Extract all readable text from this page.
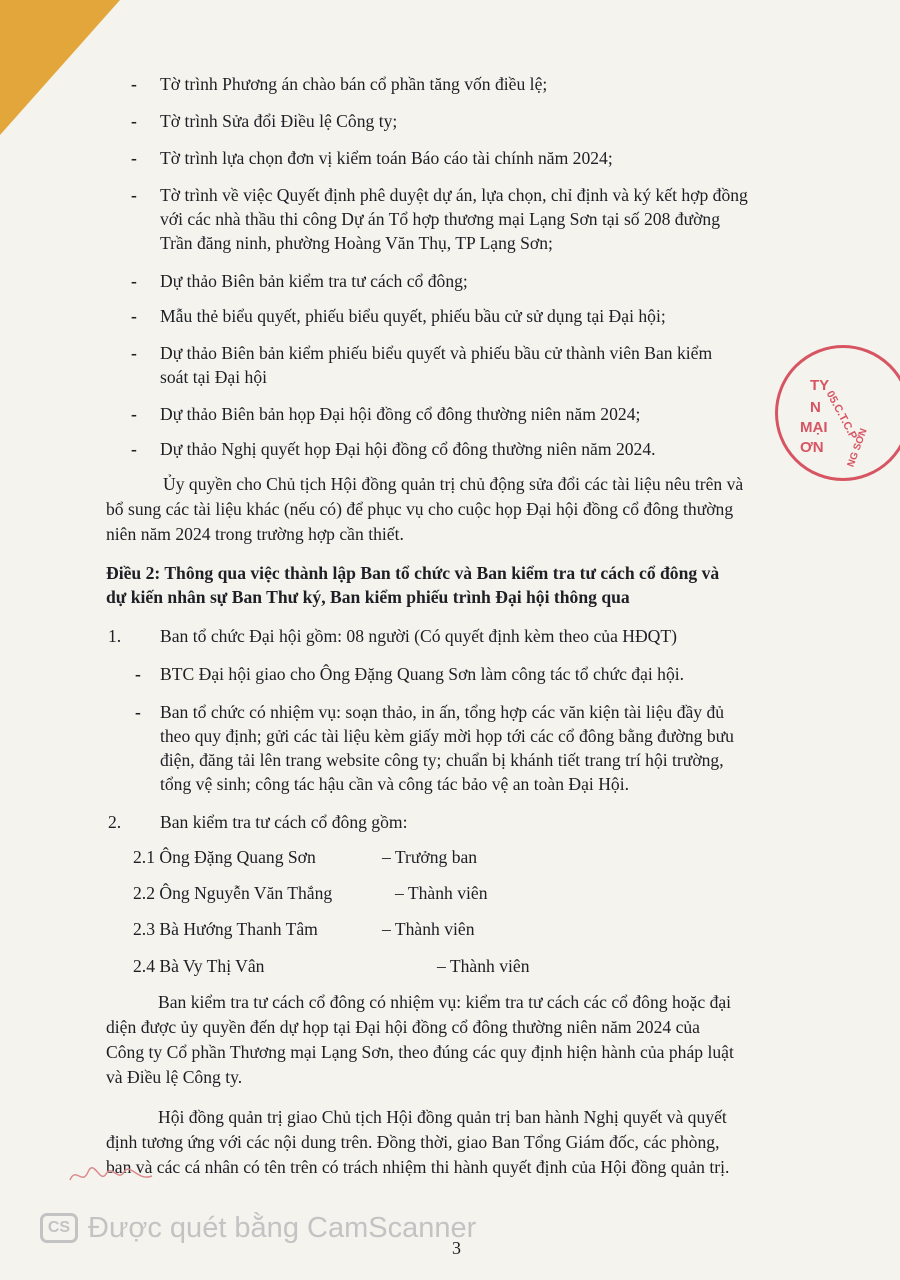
-
-
-
-
-
-
-
-
-
-
-
Tờ trình Phương án chào bán cổ phần tăng vốn điều lệ;
Tờ trình Sửa đổi Điều lệ Công ty;
Tờ trình lựa chọn đơn vị kiểm toán Báo cáo tài chính năm 2024;
Tờ trình về việc Quyết định phê duyệt dự án, lựa chọn, chỉ định và ký kết hợp đồng
với các nhà thầu thi công Dự án Tổ hợp thương mại Lạng Sơn tại số 208 đường
Trần đăng ninh, phường Hoàng Văn Thụ, TP Lạng Sơn;
Dự thảo Biên bản kiểm tra tư cách cổ đông;
Mẫu thẻ biểu quyết, phiếu biểu quyết, phiếu bầu cử sử dụng tại Đại hội;
Dự thảo Biên bản kiểm phiếu biểu quyết và phiếu bầu cử thành viên Ban kiểm
soát tại Đại hội
Dự thảo Biên bản họp Đại hội đồng cổ đông thường niên năm 2024;
Dự thảo Nghị quyết họp Đại hội đồng cổ đông thường niên năm 2024.
Ủy quyền cho Chủ tịch Hội đồng quản trị chủ động sửa đổi các tài liệu nêu trên và
bổ sung các tài liệu khác (nếu có) để phục vụ cho cuộc họp Đại hội đồng cổ đông thường
niên năm 2024 trong trường hợp cần thiết.
Điều 2: Thông qua việc thành lập Ban tổ chức và Ban kiểm tra tư cách cổ đông và
dự kiến nhân sự Ban Thư ký, Ban kiểm phiếu trình Đại hội thông qua
1. Ban tổ chức Đại hội gồm: 08 người (Có quyết định kèm theo của HĐQT)
BTC Đại hội giao cho Ông Đặng Quang Sơn làm công tác tổ chức đại hội.
Ban tổ chức có nhiệm vụ: soạn thảo, in ấn, tổng hợp các văn kiện tài liệu đầy đủ
theo quy định; gửi các tài liệu kèm giấy mời họp tới các cổ đông bằng đường bưu
điện, đăng tải lên trang website công ty; chuẩn bị khánh tiết trang trí hội trường,
tổng vệ sinh; công tác hậu cần và công tác bảo vệ an toàn Đại Hội.
2. Ban kiểm tra tư cách cổ đông gồm:
2.1 Ông Đặng Quang Sơn	– Trưởng ban
2.2 Ông Nguyễn Văn Thắng	– Thành viên
2.3 Bà Hướng Thanh Tâm	– Thành viên
2.4 Bà Vy Thị Vân	– Thành viên
Ban kiểm tra tư cách cổ đông có nhiệm vụ: kiểm tra tư cách các cổ đông hoặc đại
diện được ủy quyền đến dự họp tại Đại hội đồng cổ đông thường niên năm 2024 của
Công ty Cổ phần Thương mại Lạng Sơn, theo đúng các quy định hiện hành của pháp luật
và Điều lệ Công ty.
Hội đồng quản trị giao Chủ tịch Hội đồng quản trị ban hành Nghị quyết và quyết
định tương ứng với các nội dung trên. Đồng thời, giao Ban Tổng Giám đốc, các phòng,
ban và các cá nhân có tên trên có trách nhiệm thi hành quyết định của Hội đồng quản trị.
TY
N
MẠI
ƠN
05.C.T.C.P
NG SƠN
CS Được quét bằng CamScanner
3
